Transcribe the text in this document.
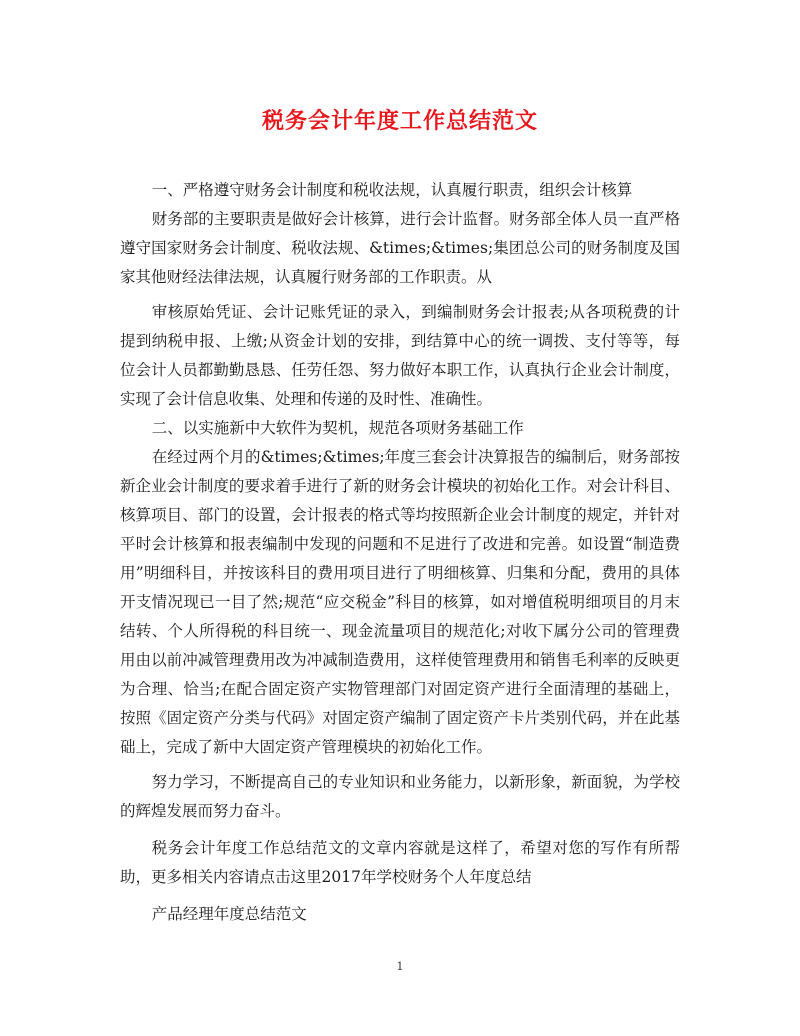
税务会计年度工作总结范文

一、严格遵守财务会计制度和税收法规，认真履行职责，组织会计核算

财务部的主要职责是做好会计核算，进行会计监督。财务部全体人员一直严格遵守国家财务会计制度、税收法规、&times;&times;集团总公司的财务制度及国家其他财经法律法规，认真履行财务部的工作职责。从

审核原始凭证、会计记账凭证的录入，到编制财务会计报表;从各项税费的计提到纳税申报、上缴;从资金计划的安排，到结算中心的统一调拨、支付等等，每位会计人员都勤勤恳恳、任劳任怨、努力做好本职工作，认真执行企业会计制度，实现了会计信息收集、处理和传递的及时性、准确性。

二、以实施新中大软件为契机，规范各项财务基础工作

在经过两个月的&times;&times;年度三套会计决算报告的编制后，财务部按新企业会计制度的要求着手进行了新的财务会计模块的初始化工作。对会计科目、核算项目、部门的设置，会计报表的格式等均按照新企业会计制度的规定，并针对平时会计核算和报表编制中发现的问题和不足进行了改进和完善。如设置“制造费用”明细科目，并按该科目的费用项目进行了明细核算、归集和分配，费用的具体开支情况现已一目了然;规范“应交税金”科目的核算，如对增值税明细项目的月末结转、个人所得税的科目统一、现金流量项目的规范化;对收下属分公司的管理费用由以前冲减管理费用改为冲减制造费用，这样使管理费用和销售毛利率的反映更为合理、恰当;在配合固定资产实物管理部门对固定资产进行全面清理的基础上，按照《固定资产分类与代码》对固定资产编制了固定资产卡片类别代码，并在此基础上，完成了新中大固定资产管理模块的初始化工作。

努力学习，不断提高自己的专业知识和业务能力，以新形象，新面貌，为学校的辉煌发展而努力奋斗。

税务会计年度工作总结范文的文章内容就是这样了，希望对您的写作有所帮助，更多相关内容请点击这里2017年学校财务个人年度总结

产品经理年度总结范文

1
